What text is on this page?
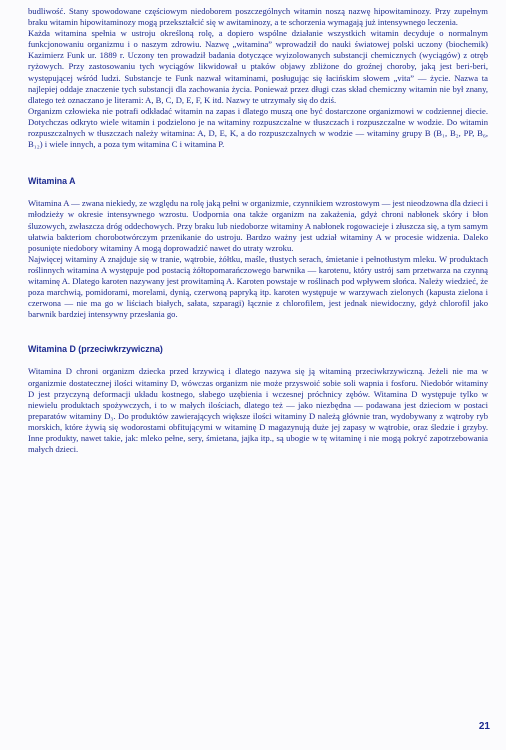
budliwość. Stany spowodowane częściowym niedoborem poszczególnych witamin noszą nazwę hipowitaminozy. Przy zupełnym braku witamin hipowitaminozy mogą przekształcić się w awitaminozy, a te schorzenia wymagają już intensywnego leczenia.

Każda witamina spełnia w ustroju określoną rolę, a dopiero wspólne działanie wszystkich witamin decyduje o normalnym funkcjonowaniu organizmu i o naszym zdrowiu. Nazwę „witamina” wprowadził do nauki światowej polski uczony (biochemik) Kazimierz Funk ur. 1889 r. Uczony ten prowadził badania dotyczące wyizolowanych substancji chemicznych (wyciągów) z otręb ryżowych. Przy zastosowaniu tych wyciągów likwidował u ptaków objawy zbliżone do groźnej choroby, jaką jest beri-beri, występującej wśród ludzi. Substancje te Funk nazwał witaminami, posługując się łacińskim słowem „vita” — życie. Nazwa ta najlepiej oddaje znaczenie tych substancji dla zachowania życia. Ponieważ przez długi czas skład chemiczny witamin nie był znany, dlatego też oznaczano je literami: A, B, C, D, E, F, K itd. Nazwy te utrzymały się do dziś.

Organizm człowieka nie potrafi odkładać witamin na zapas i dlatego muszą one być dostarczone organizmowi w codziennej diecie. Dotychczas odkryto wiele witamin i podzielono je na witaminy rozpuszczalne w tłuszczach i rozpuszczalne w wodzie. Do witamin rozpuszczalnych w tłuszczach należy witamina: A, D, E, K, a do rozpuszczalnych w wodzie — witaminy grupy B (B₁, B₂, PP, B₆, B₁₂) i wiele innych, a poza tym witamina C i witamina P.

Witamina A

Witamina A — zwana niekiedy, ze względu na rolę jaką pełni w organizmie, czynnikiem wzrostowym — jest nieodzowna dla dzieci i młodzieży w okresie intensywnego wzrostu. Uodpornia ona także organizm na zakażenia, gdyż chroni nabłonek skóry i błon śluzowych, zwłaszcza dróg oddechowych. Przy braku lub niedoborze witaminy A nabłonek rogowacieje i złuszcza się, a tym samym ułatwia bakteriom chorobotwórczym przenikanie do ustroju. Bardzo ważny jest udział witaminy A w procesie widzenia. Daleko posunięte niedobory witaminy A mogą doprowadzić nawet do utraty wzroku.

Najwięcej witaminy A znajduje się w tranie, wątrobie, żółtku, maśle, tłustych serach, śmietanie i pełnotłustym mleku. W produktach roślinnych witamina A występuje pod postacią żółtopomarańczowego barwnika — karotenu, który ustrój sam przetwarza na czynną witaminę A. Dlatego karoten nazywany jest prowitaminą A. Karoten powstaje w roślinach pod wpływem słońca. Należy wiedzieć, że poza marchwią, pomidorami, morelami, dynią, czerwoną papryką itp. karoten występuje w warzywach zielonych (kapusta zielona i czerwona — nie ma go w liściach białych, sałata, szparagi) łącznie z chlorofilem, jest jednak niewidoczny, gdyż chlorofil jako barwnik bardziej intensywny przesłania go.

Witamina D (przeciwkrzywiczna)

Witamina D chroni organizm dziecka przed krzywicą i dlatego nazywa się ją witaminą przeciwkrzywiczną. Jeżeli nie ma w organizmie dostatecznej ilości witaminy D, wówczas organizm nie może przyswoić sobie soli wapnia i fosforu. Niedobór witaminy D jest przyczyną deformacji układu kostnego, słabego uzębienia i wczesnej próchnicy zębów. Witamina D występuje tylko w niewielu produktach spożywczych, i to w małych ilościach, dlatego też — jako niezbędna — podawana jest dzieciom w postaci preparatów witaminy D₃. Do produktów zawierających większe ilości witaminy D należą głównie tran, wydobywany z wątroby ryb morskich, które żywią się wodorostami obfitującymi w witaminę D magazynują duże jej zapasy w wątrobie, oraz śledzie i grzyby. Inne produkty, nawet takie, jak: mleko pełne, sery, śmietana, jajka itp., są ubogie w tę witaminę i nie mogą pokryć zapotrzebowania małych dzieci.

21
